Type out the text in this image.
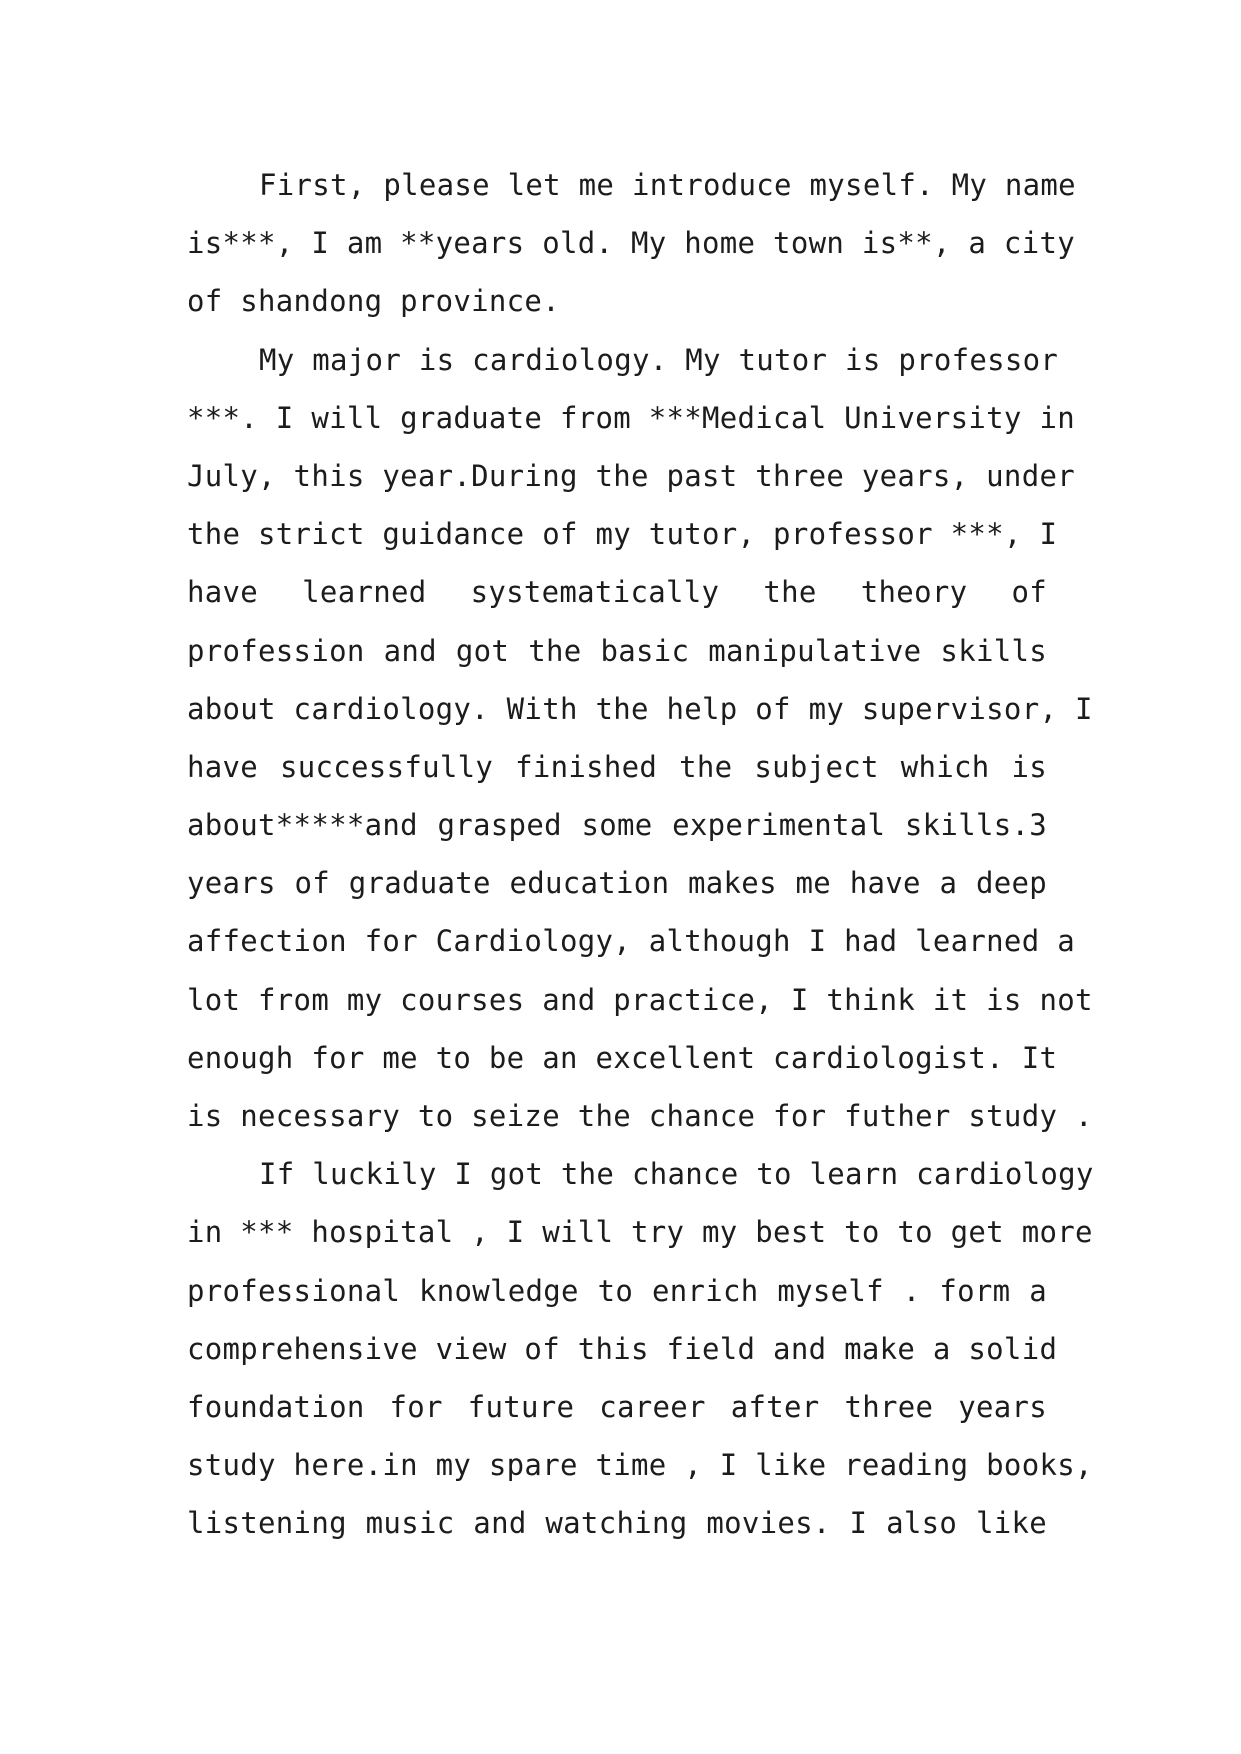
First, please let me introduce myself. My name
is***, I am **years old. My home town is**, a city
of shandong province.
My major is cardiology. My tutor is professor
***. I will graduate from ***Medical University in
July, this year.During the past three years, under
the strict guidance of my tutor, professor ***, I
have learned systematically the theory of
profession and got the basic manipulative skills
about cardiology. With the help of my supervisor, I
have successfully finished the subject which is
about*****and grasped some experimental skills.3
years of graduate education makes me have a deep
affection for Cardiology, although I had learned a
lot from my courses and practice, I think it is not
enough for me to be an excellent cardiologist. It
is necessary to seize the chance for futher study .
If luckily I got the chance to learn cardiology
in *** hospital , I will try my best to to get more
professional knowledge to enrich myself . form a
comprehensive view of this field and make a solid
foundation for future career after three years
study here.in my spare time , I like reading books,
listening music and watching movies. I also like
